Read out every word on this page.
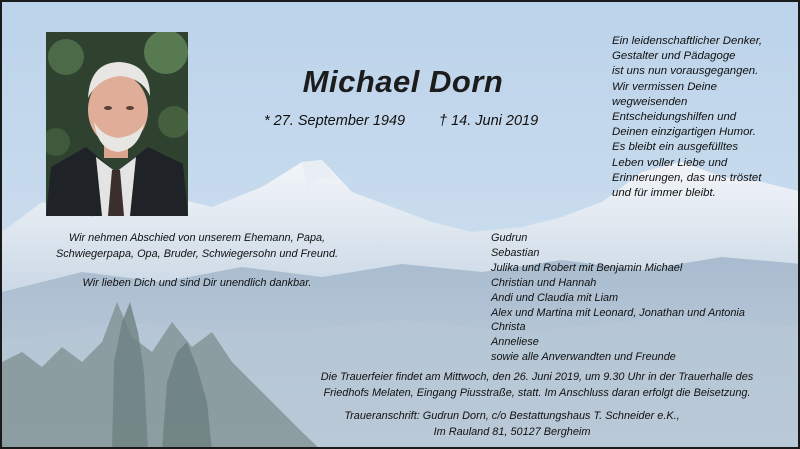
Michael Dorn
* 27. September 1949 † 14. Juni 2019
Ein leidenschaftlicher Denker,
Gestalter und Pädagoge
ist uns nun vorausgegangen.
Wir vermissen Deine
wegweisenden
Entscheidungshilfen und
Deinen einzigartigen Humor.
Es bleibt ein ausgefülltes
Leben voller Liebe und
Erinnerungen, das uns tröstet
und für immer bleibt.
Wir nehmen Abschied von unserem Ehemann, Papa,
Schwiegerpapa, Opa, Bruder, Schwiegersohn und Freund.
Wir lieben Dich und sind Dir unendlich dankbar.
Gudrun
Sebastian
Julika und Robert mit Benjamin Michael
Christian und Hannah
Andi und Claudia mit Liam
Alex und Martina mit Leonard, Jonathan und Antonia
Christa
Anneliese
sowie alle Anverwandten und Freunde
Die Trauerfeier findet am Mittwoch, den 26. Juni 2019, um 9.30 Uhr in der Trauerhalle des
Friedhofs Melaten, Eingang Piusstraße, statt. Im Anschluss daran erfolgt die Beisetzung.
Traueranschrift: Gudrun Dorn, c/o Bestattungshaus T. Schneider e.K.,
Im Rauland 81, 50127 Bergheim
